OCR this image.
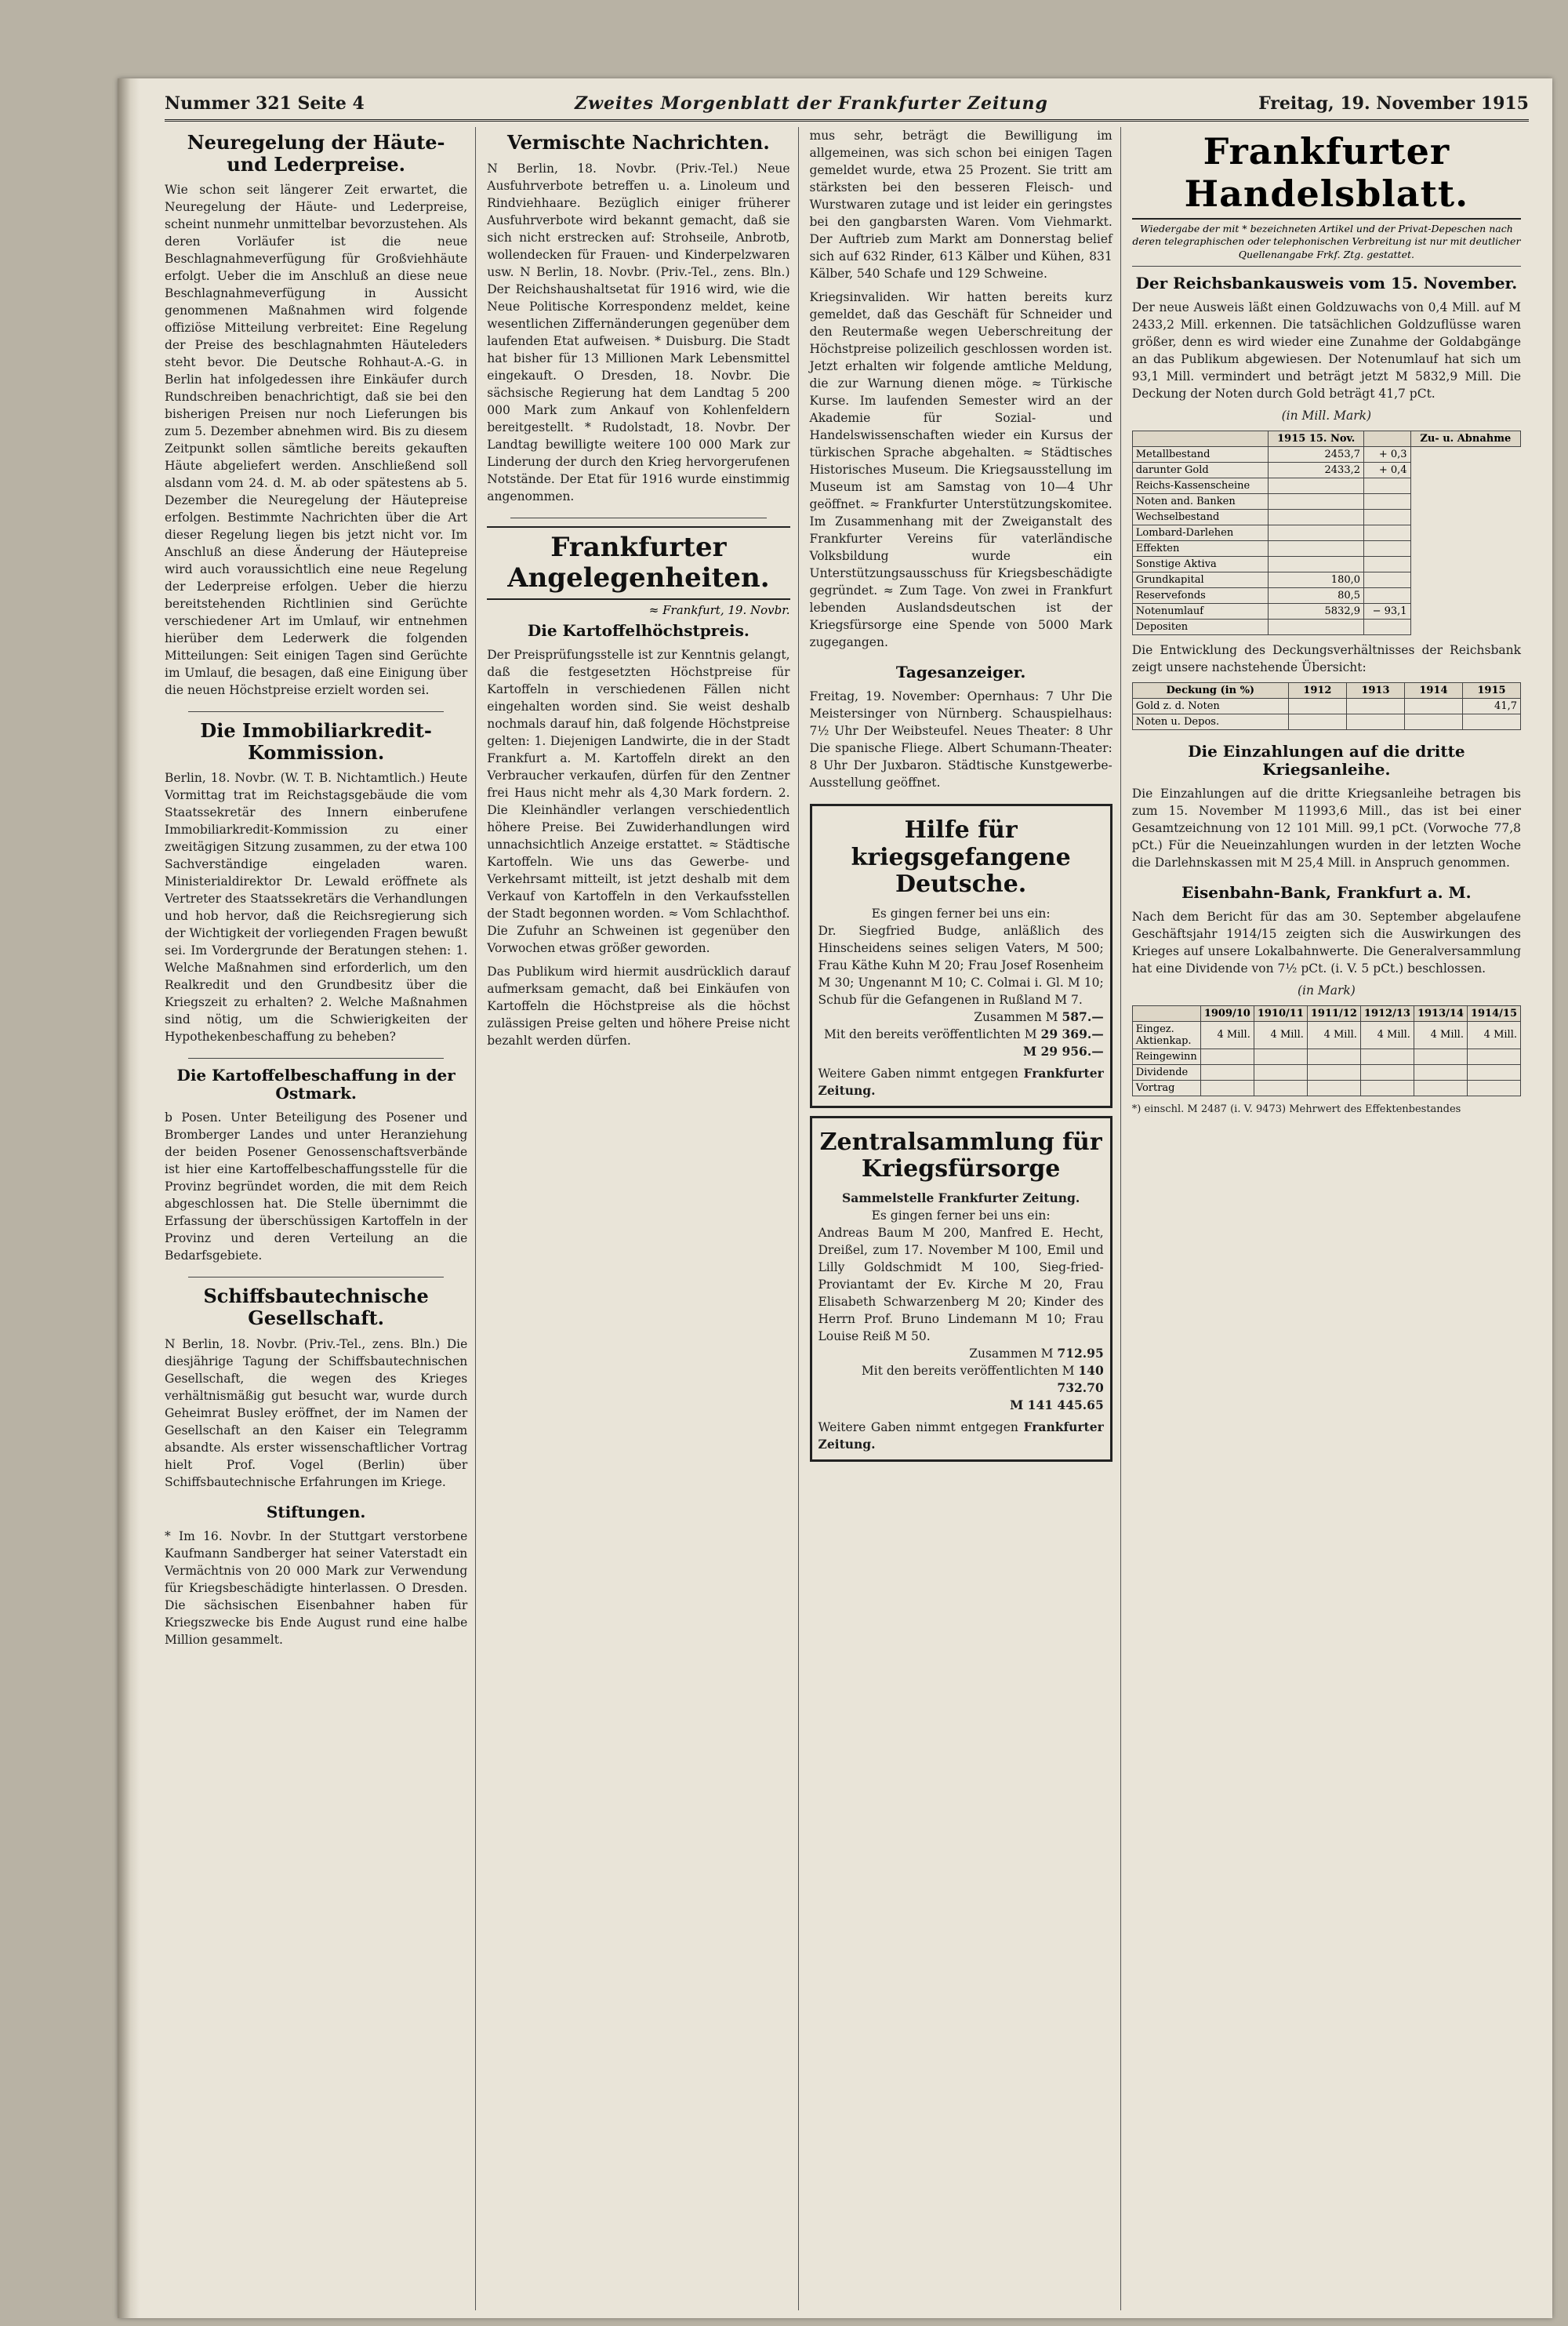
Nummer 321 Seite 4	Zweites Morgenblatt der Frankfurter Zeitung	Freitag, 19. November 1915
Neuregelung der Häute- und Lederpreise.
Wie schon seit längerer Zeit erwartet, die Neuregelung der Häute- und Lederpreise, scheint nunmehr unmittelbar bevorzustehen. Als deren Vorläufer ist die neue Beschlagnahmeverfügung für Großviehhäute erfolgt. Ueber die im Anschluß an diese neue Beschlagnahmeverfügung in Aussicht genommenen Maßnahmen wird folgende offiziöse Mitteilung verbreitet: Eine Regelung der Preise des beschlagnahmten Häuteleders steht bevor. Die Deutsche Rohhaut-A.-G. in Berlin hat infolgedessen ihre Einkäufer durch Rundschreiben benachrichtigt, daß sie bei den bisherigen Preisen nur noch Lieferungen bis zum 5. Dezember abnehmen wird. Bis zu diesem Zeitpunkt sollen sämtliche bereits gekauften Häute abgeliefert werden. Anschließend soll alsdann vom 24. d. M. ab oder spätestens ab 5. Dezember die Neuregelung der Häutepreise erfolgen. Bestimmte Nachrichten über die Art dieser Regelung liegen bis jetzt nicht vor. Im Anschluß an diese Änderung der Häutepreise wird auch voraussichtlich eine neue Regelung der Lederpreise erfolgen. Ueber die hierzu bereitstehenden Richtlinien sind Gerüchte verschiedener Art im Umlauf, wir entnehmen hierüber dem Lederwerk die folgenden Mitteilungen: Seit einigen Tagen sind Gerüchte im Umlauf, die besagen, daß eine Einigung über die neuen Höchstpreise erzielt worden sei.
Die Immobiliarkredit-Kommission.
Berlin, 18. Novbr. (W. T. B. Nichtamtlich.) Heute Vormittag trat im Reichstagsgebäude die vom Staatssekretär des Innern einberufene Immobiliarkredit-Kommission zu einer zweitägigen Sitzung zusammen, zu der etwa 100 Sachverständige eingeladen waren. Ministerialdirektor Dr. Lewald eröffnete als Vertreter des Staatssekretärs die Verhandlungen und hob hervor, daß die Reichsregierung sich der Wichtigkeit der vorliegenden Fragen bewußt sei. Im Vordergrunde der Beratungen stehen: 1. Welche Maßnahmen sind erforderlich, um den Realkredit und den Grundbesitz über die Kriegszeit zu erhalten? 2. Welche Maßnahmen sind nötig, um die Schwierigkeiten der Hypothekenbeschaffung zu beheben?
Die Kartoffelbeschaffung in der Ostmark.
b Posen. Unter Beteiligung des Posener und Bromberger Landes und unter Heranziehung der beiden Posener Genossenschaftsverbände ist hier eine Kartoffelbeschaffungsstelle für die Provinz begründet worden, die mit dem Reich abgeschlossen hat. Die Stelle übernimmt die Erfassung der überschüssigen Kartoffeln in der Provinz und deren Verteilung an die Bedarfsgebiete.
Schiffsbautechnische Gesellschaft.
N Berlin, 18. Novbr. (Priv.-Tel., zens. Bln.) Die diesjährige Tagung der Schiffsbautechnischen Gesellschaft, die wegen des Krieges verhältnismäßig gut besucht war, wurde durch Geheimrat Busley eröffnet, der im Namen der Gesellschaft an den Kaiser ein Telegramm absandte. Als erster wissenschaftlicher Vortrag hielt Prof. Vogel (Berlin) über Schiffsbautechnische Erfahrungen im Kriege.
Stiftungen.
* Im 16. Novbr. In der Stuttgart verstorbene Kaufmann Sandberger hat seiner Vaterstadt ein Vermächtnis von 20 000 Mark zur Verwendung für Kriegsbeschädigte hinterlassen. O Dresden. Die sächsischen Eisenbahner haben für Kriegszwecke bis Ende August rund eine halbe Million gesammelt.
Vermischte Nachrichten.
N Berlin, 18. Novbr. (Priv.-Tel.) Neue Ausfuhrverbote betreffen u. a. Linoleum und Rindviehhaare. Bezüglich einiger früherer Ausfuhrverbote wird bekannt gemacht, daß sie sich nicht erstrecken auf: Strohseile, Anbrotb, wollendecken für Frauen- und Kinderpelzwaren usw. N Berlin, 18. Novbr. (Priv.-Tel., zens. Bln.) Der Reichshaushaltsetat für 1916 wird, wie die Neue Politische Korrespondenz meldet, keine wesentlichen Ziffernänderungen gegenüber dem laufenden Etat aufweisen. * Duisburg. Die Stadt hat bisher für 13 Millionen Mark Lebensmittel eingekauft. O Dresden, 18. Novbr. Die sächsische Regierung hat dem Landtag 5 200 000 Mark zum Ankauf von Kohlenfeldern bereitgestellt. * Rudolstadt, 18. Novbr. Der Landtag bewilligte weitere 100 000 Mark zur Linderung der durch den Krieg hervorgerufenen Notstände. Der Etat für 1916 wurde einstimmig angenommen.
Frankfurter Angelegenheiten.
≈ Frankfurt, 19. Novbr.
Die Kartoffelhöchstpreis.
Der Preisprüfungsstelle ist zur Kenntnis gelangt, daß die festgesetzten Höchstpreise für Kartoffeln in verschiedenen Fällen nicht eingehalten worden sind. Sie weist deshalb nochmals darauf hin, daß folgende Höchstpreise gelten: 1. Diejenigen Landwirte, die in der Stadt Frankfurt a. M. Kartoffeln direkt an den Verbraucher verkaufen, dürfen für den Zentner frei Haus nicht mehr als 4,30 Mark fordern. 2. Die Kleinhändler verlangen verschiedentlich höhere Preise. Bei Zuwiderhandlungen wird unnachsichtlich Anzeige erstattet. ≈ Städtische Kartoffeln. Wie uns das Gewerbe- und Verkehrsamt mitteilt, ist jetzt deshalb mit dem Verkauf von Kartoffeln in den Verkaufsstellen der Stadt begonnen worden. ≈ Vom Schlachthof. Die Zufuhr an Schweinen ist gegenüber den Vorwochen etwas größer geworden.
Das Publikum wird hiermit ausdrücklich darauf aufmerksam gemacht, daß bei Einkäufen von Kartoffeln die Höchstpreise als die höchst zulässigen Preise gelten und höhere Preise nicht bezahlt werden dürfen.
mus sehr, beträgt die Bewilligung im allgemeinen, was sich schon bei einigen Tagen gemeldet wurde, etwa 25 Prozent. Sie tritt am stärksten bei den besseren Fleisch- und Wurstwaren zutage und ist leider ein geringstes bei den gangbarsten Waren. Vom Viehmarkt. Der Auftrieb zum Markt am Donnerstag belief sich auf 632 Rinder, 613 Kälber und Kühen, 831 Kälber, 540 Schafe und 129 Schweine.
Kriegsinvaliden. Wir hatten bereits kurz gemeldet, daß das Geschäft für Schneider und den Reutermaße wegen Ueberschreitung der Höchstpreise polizeilich geschlossen worden ist. Jetzt erhalten wir folgende amtliche Meldung, die zur Warnung dienen möge. ≈ Türkische Kurse. Im laufenden Semester wird an der Akademie für Sozial- und Handelswissenschaften wieder ein Kursus der türkischen Sprache abgehalten. ≈ Städtisches Historisches Museum. Die Kriegsausstellung im Museum ist am Samstag von 10—4 Uhr geöffnet. ≈ Frankfurter Unterstützungskomitee. Im Zusammenhang mit der Zweiganstalt des Frankfurter Vereins für vaterländische Volksbildung wurde ein Unterstützungsausschuss für Kriegsbeschädigte gegründet. ≈ Zum Tage. Von zwei in Frankfurt lebenden Auslandsdeutschen ist der Kriegsfürsorge eine Spende von 5000 Mark zugegangen.
Tagesanzeiger.
Freitag, 19. November: Opernhaus: 7 Uhr Die Meistersinger von Nürnberg. Schauspielhaus: 7½ Uhr Der Weibsteufel. Neues Theater: 8 Uhr Die spanische Fliege. Albert Schumann-Theater: 8 Uhr Der Juxbaron. Städtische Kunstgewerbe-Ausstellung geöffnet.
Hilfe für kriegsgefangene Deutsche.
Es gingen ferner bei uns ein:
Dr. Siegfried Budge, anläßlich des Hinscheidens seines seligen Vaters, M 500; Frau Käthe Kuhn M 20; Frau Josef Rosenheim M 30; Ungenannt M 10; C. Colmai i. Gl. M 10; Schub für die Gefangenen in Rußland M 7.
Zusammen M 587.—
Mit den bereits veröffentlichten M 29 369.—
M 29 956.—
Weitere Gaben nimmt entgegen Frankfurter Zeitung.
Zentralsammlung für Kriegsfürsorge
Sammelstelle Frankfurter Zeitung.
Es gingen ferner bei uns ein:
Andreas Baum M 200, Manfred E. Hecht, Dreißel, zum 17. November M 100, Emil und Lilly Goldschmidt M 100, Sieg-fried-Proviantamt der Ev. Kirche M 20, Frau Elisabeth Schwarzenberg M 20; Kinder des Herrn Prof. Bruno Lindemann M 10; Frau Louise Reiß M 50.
Zusammen M 712.95
Mit den bereits veröffentlichten M 140 732.70
M 141 445.65
Weitere Gaben nimmt entgegen Frankfurter Zeitung.
Frankfurter Handelsblatt.
Wiedergabe der mit * bezeichneten Artikel und der Privat-Depeschen nach deren telegraphischen oder telephonischen Verbreitung ist nur mit deutlicher Quellenangabe Frkf. Ztg. gestattet.
Der Reichsbankausweis vom 15. November.
Der neue Ausweis läßt einen Goldzuwachs von 0,4 Mill. auf M 2433,2 Mill. erkennen. Die tatsächlichen Goldzuflüsse waren größer, denn es wird wieder eine Zunahme der Goldabgänge an das Publikum abgewiesen. Der Notenumlauf hat sich um 93,1 Mill. vermindert und beträgt jetzt M 5832,9 Mill. Die Deckung der Noten durch Gold beträgt 41,7 pCt.
(in Mill. Mark)
	1915 15. Nov.		Zu- u. Abnahme
Metallbestand	2453,7	+ 0,3	
darunter Gold	2433,2	+ 0,4	
Reichs-Kassenscheine			
Noten and. Banken			
Wechselbestand			
Lombard-Darlehen			
Effekten			
Sonstige Aktiva			
Grundkapital	180,0		
Reservefonds	80,5		
Notenumlauf	5832,9	− 93,1	
Depositen			
Die Entwicklung des Deckungsverhältnisses der Reichsbank zeigt unsere nachstehende Übersicht:
Deckung (in %)	1912	1913	1914	1915
Gold z. d. Noten				41,7
Noten u. Depos.				
Die Einzahlungen auf die dritte Kriegsanleihe.
Die Einzahlungen auf die dritte Kriegsanleihe betragen bis zum 15. November M 11993,6 Mill., das ist bei einer Gesamtzeichnung von 12 101 Mill. 99,1 pCt. (Vorwoche 77,8 pCt.) Für die Neueinzahlungen wurden in der letzten Woche die Darlehnskassen mit M 25,4 Mill. in Anspruch genommen.
Eisenbahn-Bank, Frankfurt a. M.
Nach dem Bericht für das am 30. September abgelaufene Geschäftsjahr 1914/15 zeigten sich die Auswirkungen des Krieges auf unsere Lokalbahnwerte. Die Generalversammlung hat eine Dividende von 7½ pCt. (i. V. 5 pCt.) beschlossen.
(in Mark)
	1909/10	1910/11	1911/12	1912/13	1913/14	1914/15
Eingez. Aktienkap.	4 Mill.	4 Mill.	4 Mill.	4 Mill.	4 Mill.	4 Mill.
Reingewinn						
Dividende						
Vortrag						
*) einschl. M 2487 (i. V. 9473) Mehrwert des Effektenbestandes
